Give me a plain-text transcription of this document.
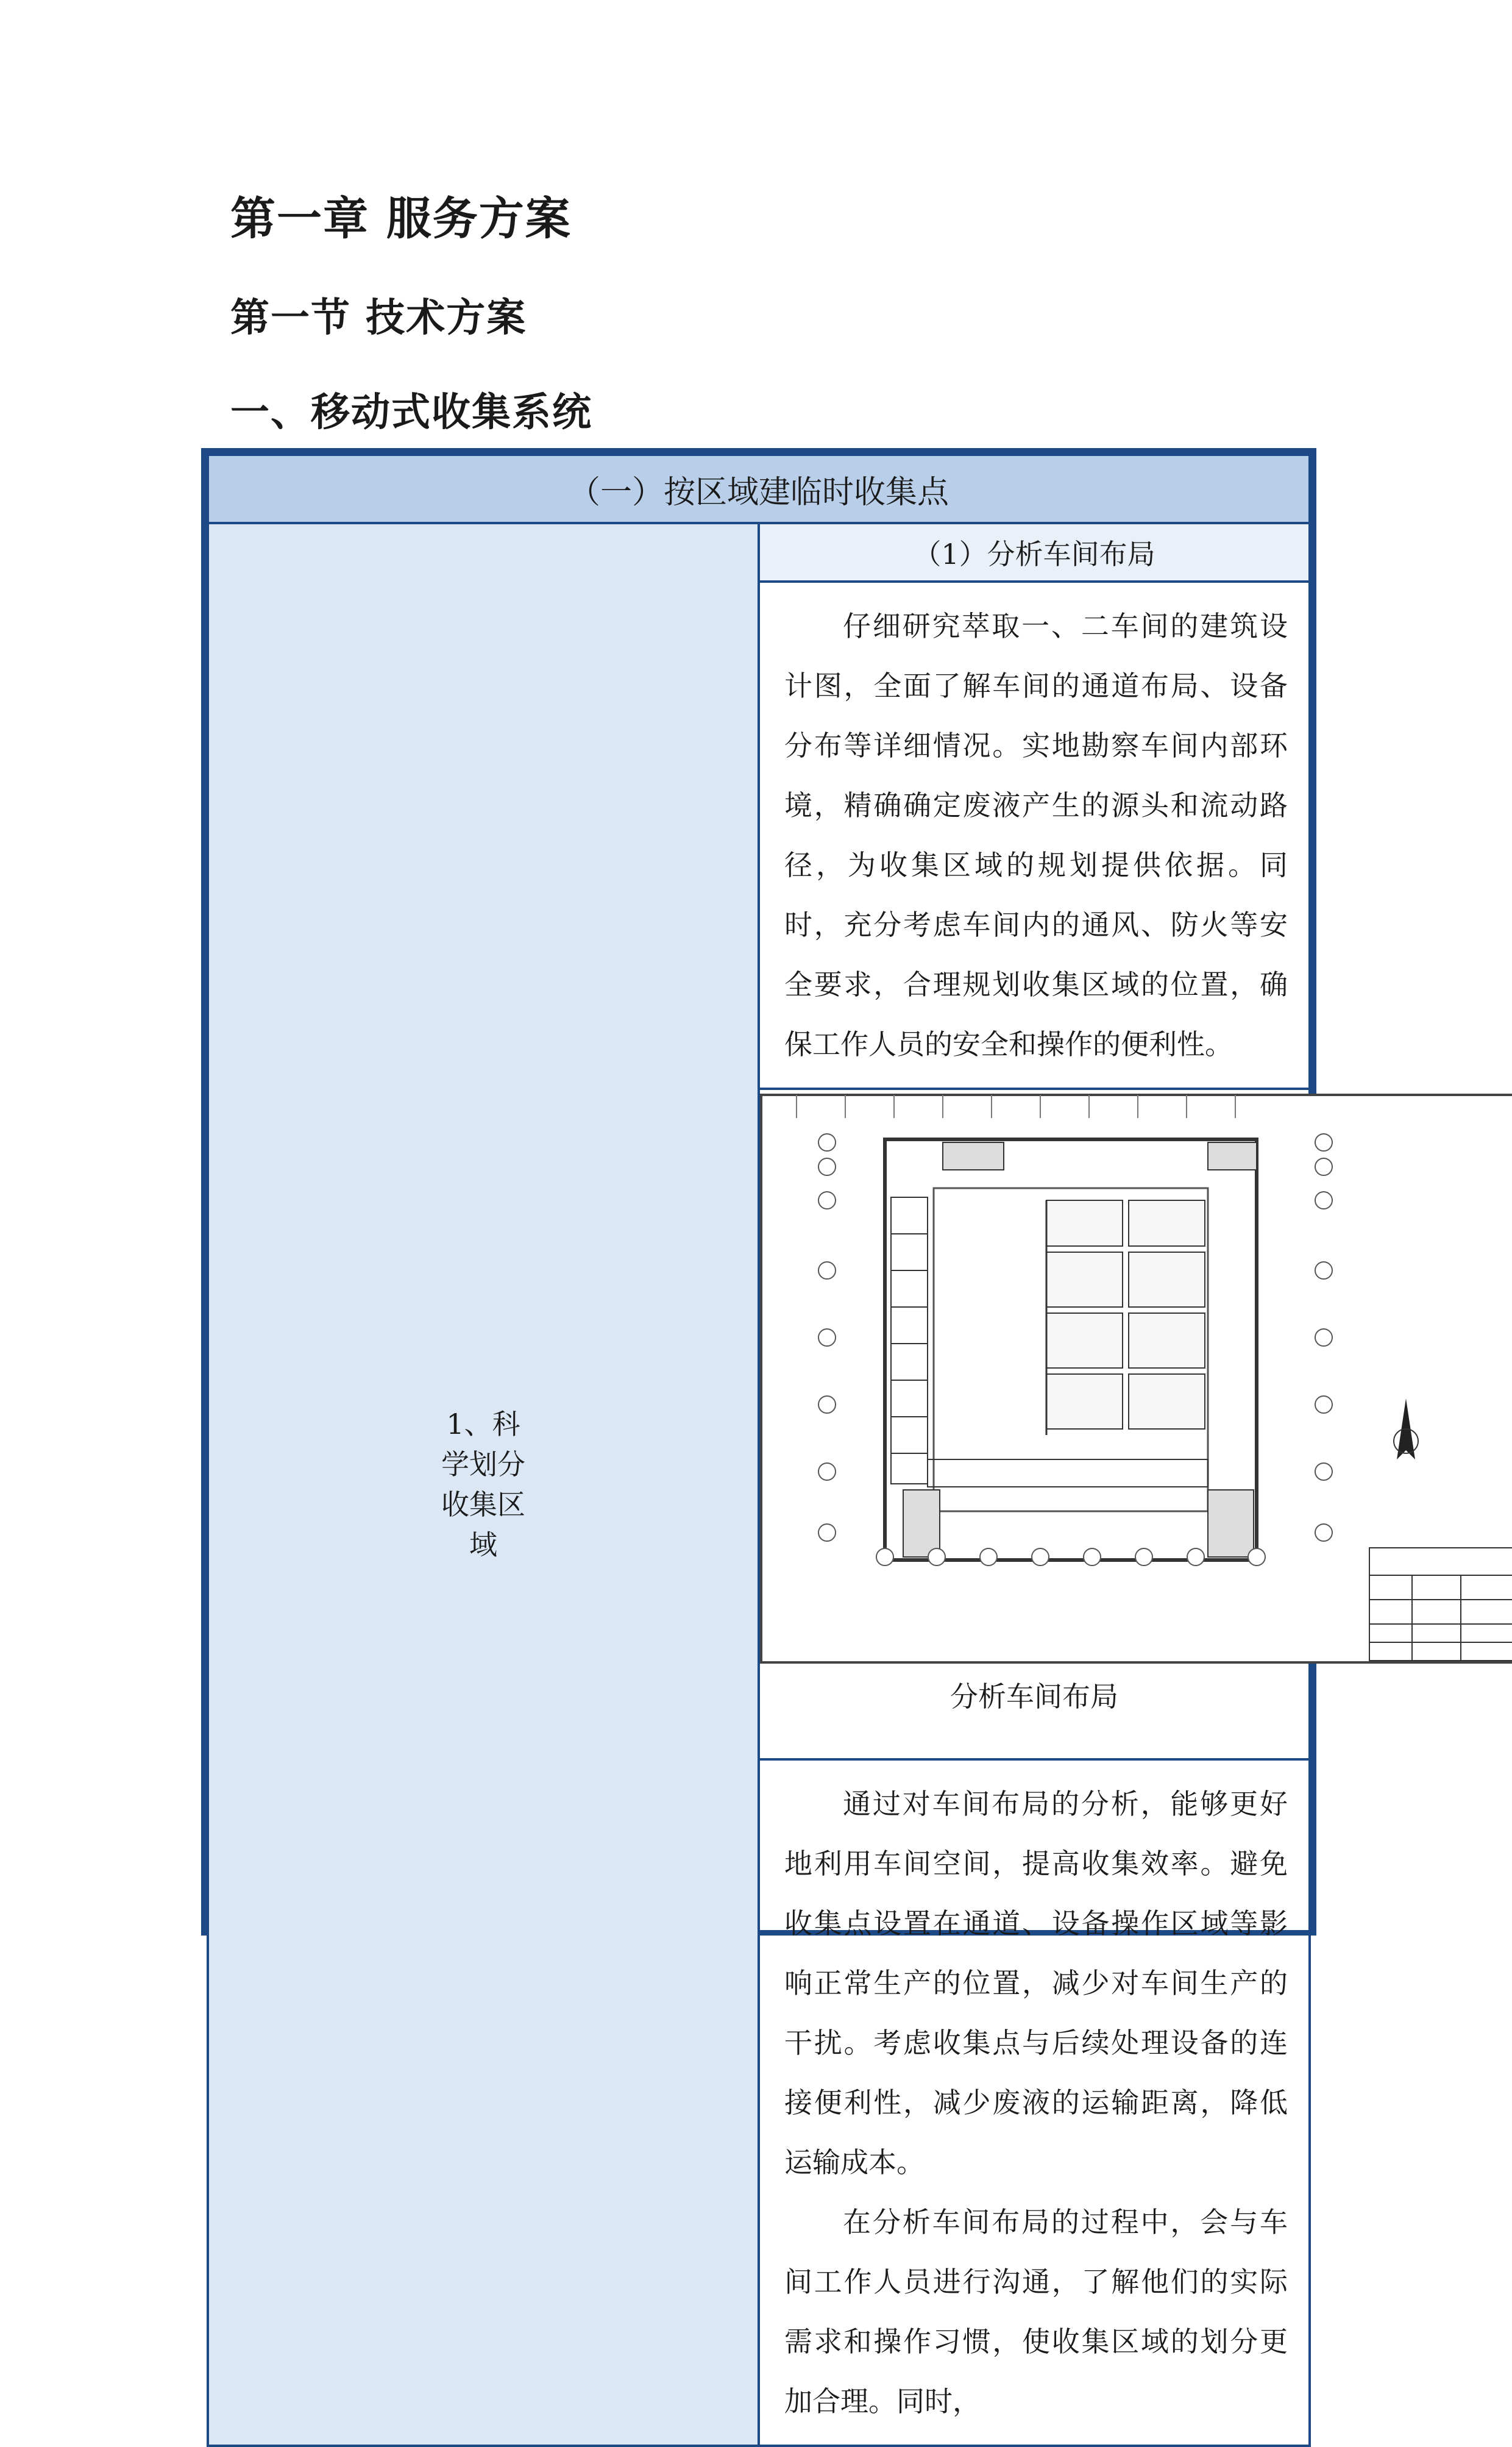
第一章 服务方案
第一节 技术方案
一、移动式收集系统
（一）按区域建临时收集点

1、科学划分收集区域
	（1）分析车间布局

仔细研究萃取一、二车间的建筑设计图，全面了解车间的通道布局、设备分布等详细情况。实地勘察车间内部环境，精确确定废液产生的源头和流动路径，为收集区域的规划提供依据。同时，充分考虑车间内的通风、防火等安全要求，合理规划收集区域的位置，确保工作人员的安全和操作的便利性。

分析车间布局

通过对车间布局的分析，能够更好地利用车间空间，提高收集效率。避免收集点设置在通道、设备操作区域等影响正常生产的位置，减少对车间生产的干扰。考虑收集点与后续处理设备的连接便利性，减少废液的运输距离，降低运输成本。

在分析车间布局的过程中，会与车间工作人员进行沟通，了解他们的实际需求和操作习惯，使收集区域的划分更加合理。同时，
